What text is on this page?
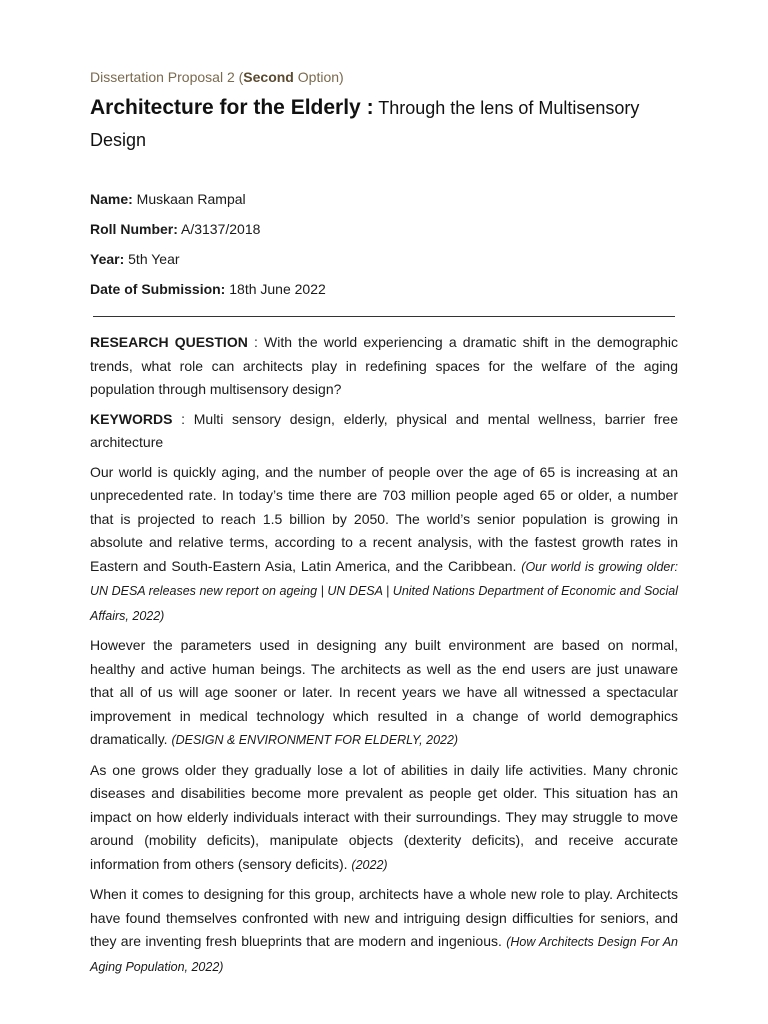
Dissertation Proposal 2 (Second Option)
Architecture for the Elderly : Through the lens of Multisensory Design
Name: Muskaan Rampal
Roll Number: A/3137/2018
Year: 5th Year
Date of Submission: 18th June 2022

RESEARCH QUESTION : With the world experiencing a dramatic shift in the demographic trends, what role can architects play in redefining spaces for the welfare of the aging population through multisensory design?

KEYWORDS : Multi sensory design, elderly, physical and mental wellness, barrier free architecture

Our world is quickly aging, and the number of people over the age of 65 is increasing at an unprecedented rate. In today’s time there are 703 million people aged 65 or older, a number that is projected to reach 1.5 billion by 2050. The world’s senior population is growing in absolute and relative terms, according to a recent analysis, with the fastest growth rates in Eastern and South-Eastern Asia, Latin America, and the Caribbean. (Our world is growing older: UN DESA releases new report on ageing | UN DESA | United Nations Department of Economic and Social Affairs, 2022)

However the parameters used in designing any built environment are based on normal, healthy and active human beings. The architects as well as the end users are just unaware that all of us will age sooner or later. In recent years we have all witnessed a spectacular improvement in medical technology which resulted in a change of world demographics dramatically. (DESIGN & ENVIRONMENT FOR ELDERLY, 2022)

As one grows older they gradually lose a lot of abilities in daily life activities. Many chronic diseases and disabilities become more prevalent as people get older. This situation has an impact on how elderly individuals interact with their surroundings. They may struggle to move around (mobility deficits), manipulate objects (dexterity deficits), and receive accurate information from others (sensory deficits). (2022)

When it comes to designing for this group, architects have a whole new role to play. Architects have found themselves confronted with new and intriguing design difficulties for seniors, and they are inventing fresh blueprints that are modern and ingenious. (How Architects Design For An Aging Population, 2022)
